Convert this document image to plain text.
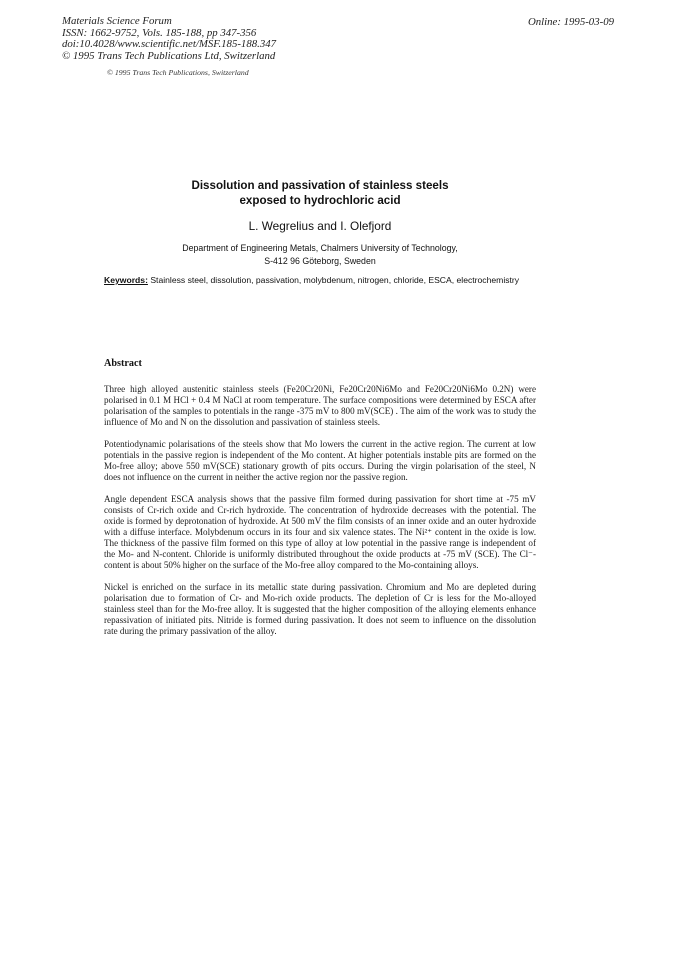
Materials Science Forum
ISSN: 1662-9752, Vols. 185-188, pp 347-356
doi:10.4028/www.scientific.net/MSF.185-188.347
© 1995 Trans Tech Publications Ltd, Switzerland
Online: 1995-03-09
© 1995 Trans Tech Publications, Switzerland
Dissolution and passivation of stainless steels
exposed to hydrochloric acid
L. Wegrelius and I. Olefjord
Department of Engineering Metals, Chalmers University of Technology,
S-412 96 Göteborg, Sweden
Keywords: Stainless steel, dissolution, passivation, molybdenum, nitrogen, chloride, ESCA, electrochemistry
Abstract

Three high alloyed austenitic stainless steels (Fe20Cr20Ni, Fe20Cr20Ni6Mo and Fe20Cr20Ni6Mo 0.2N) were polarised in 0.1 M HCl + 0.4 M NaCl at room temperature. The surface compositions were determined by ESCA after polarisation of the samples to potentials in the range -375 mV to 800 mV(SCE) . The aim of the work was to study the influence of Mo and N on the dissolution and passivation of stainless steels.

Potentiodynamic polarisations of the steels show that Mo lowers the current in the active region. The current at low potentials in the passive region is independent of the Mo content. At higher potentials instable pits are formed on the Mo-free alloy; above 550 mV(SCE) stationary growth of pits occurs. During the virgin polarisation of the steel, N does not influence on the current in neither the active region nor the passive region.

Angle dependent ESCA analysis shows that the passive film formed during passivation for short time at -75 mV consists of Cr-rich oxide and Cr-rich hydroxide. The concentration of hydroxide decreases with the potential. The oxide is formed by deprotonation of hydroxide. At 500 mV the film consists of an inner oxide and an outer hydroxide with a diffuse interface. Molybdenum occurs in its four and six valence states. The Ni²⁺ content in the oxide is low. The thickness of the passive film formed on this type of alloy at low potential in the passive range is independent of the Mo- and N-content. Chloride is uniformly distributed throughout the oxide products at -75 mV (SCE). The Cl⁻-content is about 50% higher on the surface of the Mo-free alloy compared to the Mo-containing alloys.

Nickel is enriched on the surface in its metallic state during passivation. Chromium and Mo are depleted during polarisation due to formation of Cr- and Mo-rich oxide products. The depletion of Cr is less for the Mo-alloyed stainless steel than for the Mo-free alloy. It is suggested that the higher composition of the alloying elements enhance repassivation of initiated pits. Nitride is formed during passivation. It does not seem to influence on the dissolution rate during the primary passivation of the alloy.
